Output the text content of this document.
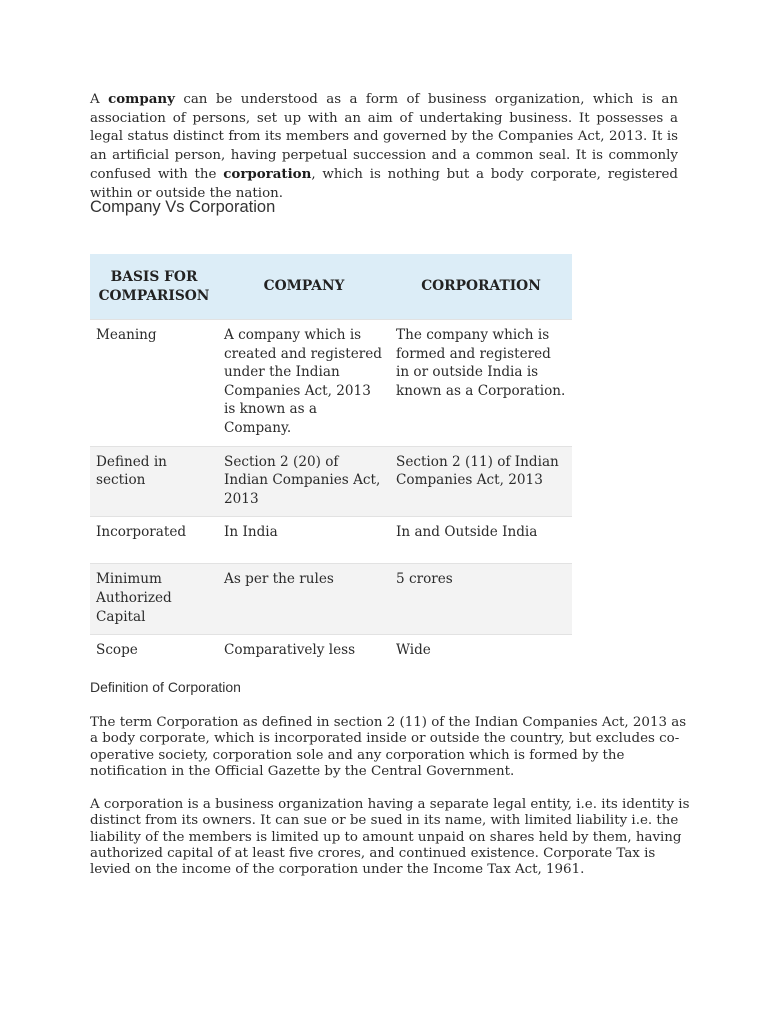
A company can be understood as a form of business organization, which is an association of persons, set up with an aim of undertaking business. It possesses a legal status distinct from its members and governed by the Companies Act, 2013. It is an artificial person, having perpetual succession and a common seal. It is commonly confused with the corporation, which is nothing but a body corporate, registered within or outside the nation.

Company Vs Corporation
BASIS FOR COMPARISON	COMPANY	CORPORATION
Meaning	A company which is created and registered under the Indian Companies Act, 2013 is known as a Company.	The company which is formed and registered in or outside India is known as a Corporation.
Defined in section	Section 2 (20) of Indian Companies Act, 2013	Section 2 (11) of Indian Companies Act, 2013
Incorporated	In India	In and Outside India
Minimum Authorized Capital	As per the rules	5 crores
Scope	Comparatively less	Wide
Definition of Corporation

The term Corporation as defined in section 2 (11) of the Indian Companies Act, 2013 as a body corporate, which is incorporated inside or outside the country, but excludes co-operative society, corporation sole and any corporation which is formed by the notification in the Official Gazette by the Central Government.

A corporation is a business organization having a separate legal entity, i.e. its identity is distinct from its owners. It can sue or be sued in its name, with limited liability i.e. the liability of the members is limited up to amount unpaid on shares held by them, having authorized capital of at least five crores, and continued existence. Corporate Tax is levied on the income of the corporation under the Income Tax Act, 1961.
